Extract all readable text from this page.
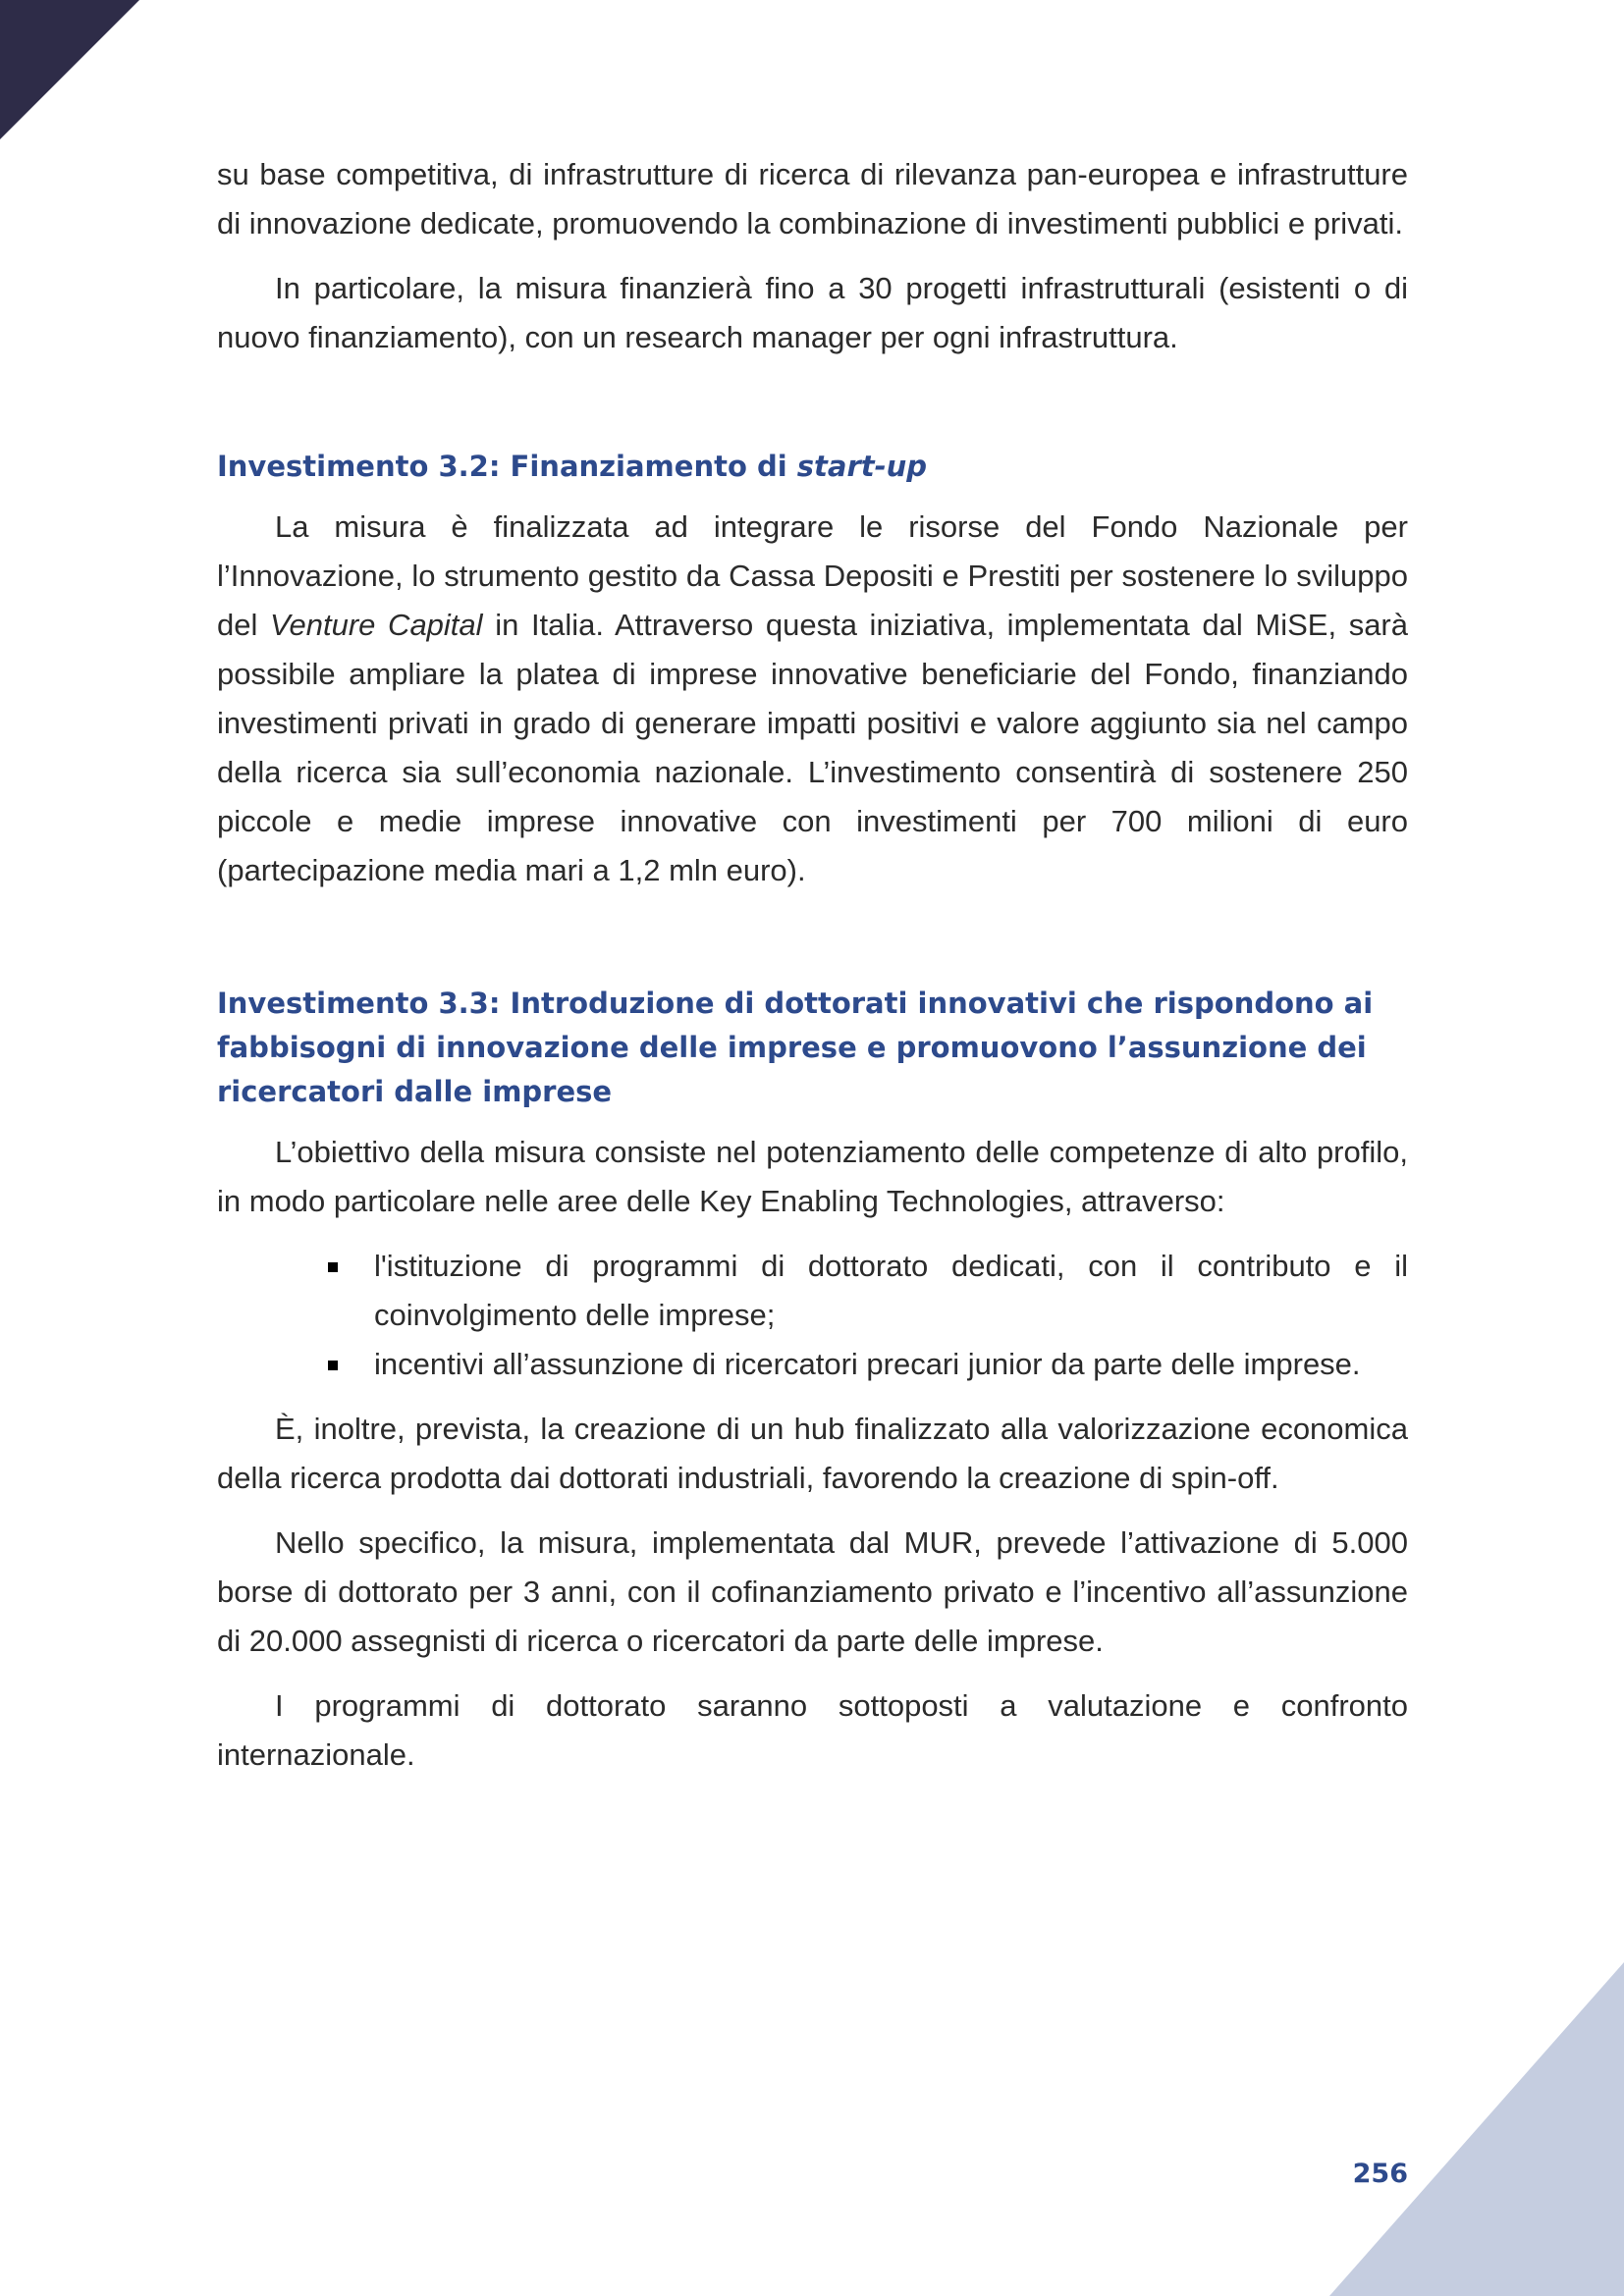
su base competitiva, di infrastrutture di ricerca di rilevanza pan-europea e infrastrutture di innovazione dedicate, promuovendo la combinazione di investimenti pubblici e privati.

In particolare, la misura finanzierà fino a 30 progetti infrastrutturali (esistenti o di nuovo finanziamento), con un research manager per ogni infrastruttura.

Investimento 3.2: Finanziamento di start-up

La misura è finalizzata ad integrare le risorse del Fondo Nazionale per l’Innovazione, lo strumento gestito da Cassa Depositi e Prestiti per sostenere lo sviluppo del Venture Capital in Italia. Attraverso questa iniziativa, implementata dal MiSE, sarà possibile ampliare la platea di imprese innovative beneficiarie del Fondo, finanziando investimenti privati in grado di generare impatti positivi e valore aggiunto sia nel campo della ricerca sia sull’economia nazionale. L’investimento consentirà di sostenere 250 piccole e medie imprese innovative con investimenti per 700 milioni di euro (partecipazione media mari a 1,2 mln euro).

Investimento 3.3: Introduzione di dottorati innovativi che rispondono ai fabbisogni di innovazione delle imprese e promuovono l’assunzione dei ricercatori dalle imprese

L’obiettivo della misura consiste nel potenziamento delle competenze di alto profilo, in modo particolare nelle aree delle Key Enabling Technologies, attraverso:

l'istituzione di programmi di dottorato dedicati, con il contributo e il coinvolgimento delle imprese;
incentivi all’assunzione di ricercatori precari junior da parte delle imprese.

È, inoltre, prevista, la creazione di un hub finalizzato alla valorizzazione economica della ricerca prodotta dai dottorati industriali, favorendo la creazione di spin-off.

Nello specifico, la misura, implementata dal MUR, prevede l’attivazione di 5.000 borse di dottorato per 3 anni, con il cofinanziamento privato e l’incentivo all’assunzione di 20.000 assegnisti di ricerca o ricercatori da parte delle imprese.

I programmi di dottorato saranno sottoposti a valutazione e confronto internazionale.

256
